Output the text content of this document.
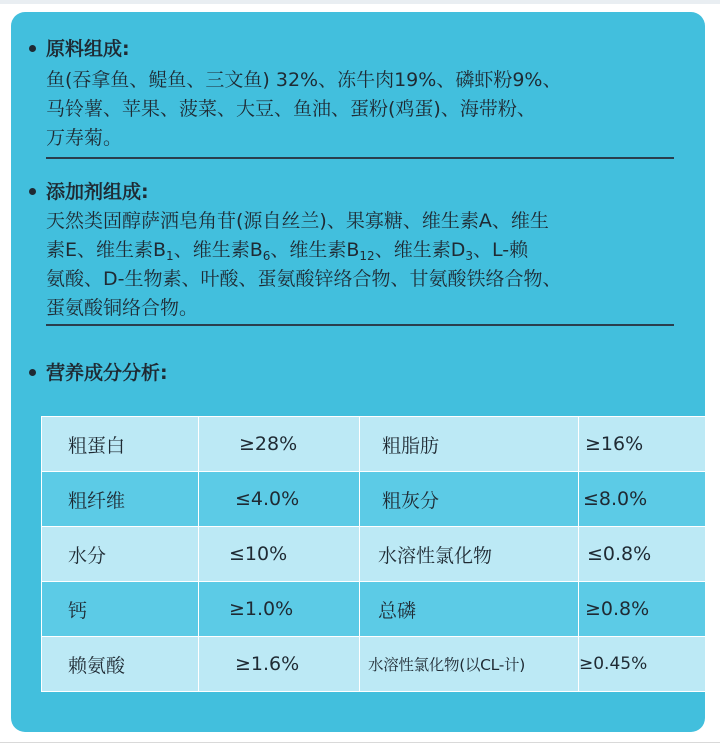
原料组成:
鱼(吞拿鱼、鳀鱼、三文鱼) 32%、冻牛肉19%、磷虾粉9%、
马铃薯、苹果、菠菜、大豆、鱼油、蛋粉(鸡蛋)、海带粉、
万寿菊。
添加剂组成:
天然类固醇萨洒皂角苷(源自丝兰)、果寡糖、维生素A、维生
素E、维生素$B_1$、维生素$B_6$、维生素$B_{12}$、维生素$D_3$、L-赖
氨酸、D-生物素、叶酸、蛋氨酸锌络合物、甘氨酸铁络合物、
蛋氨酸铜络合物。
营养成分分析:
粗蛋白	≥28%	粗脂肪	≥16%
粗纤维	≤4.0%	粗灰分	≤8.0%
水分	≤10%	水溶性氯化物	≤0.8%
钙	≥1.0%	总磷	≥0.8%
赖氨酸	≥1.6%	水溶性氯化物(以CL-计)	≥0.45%
